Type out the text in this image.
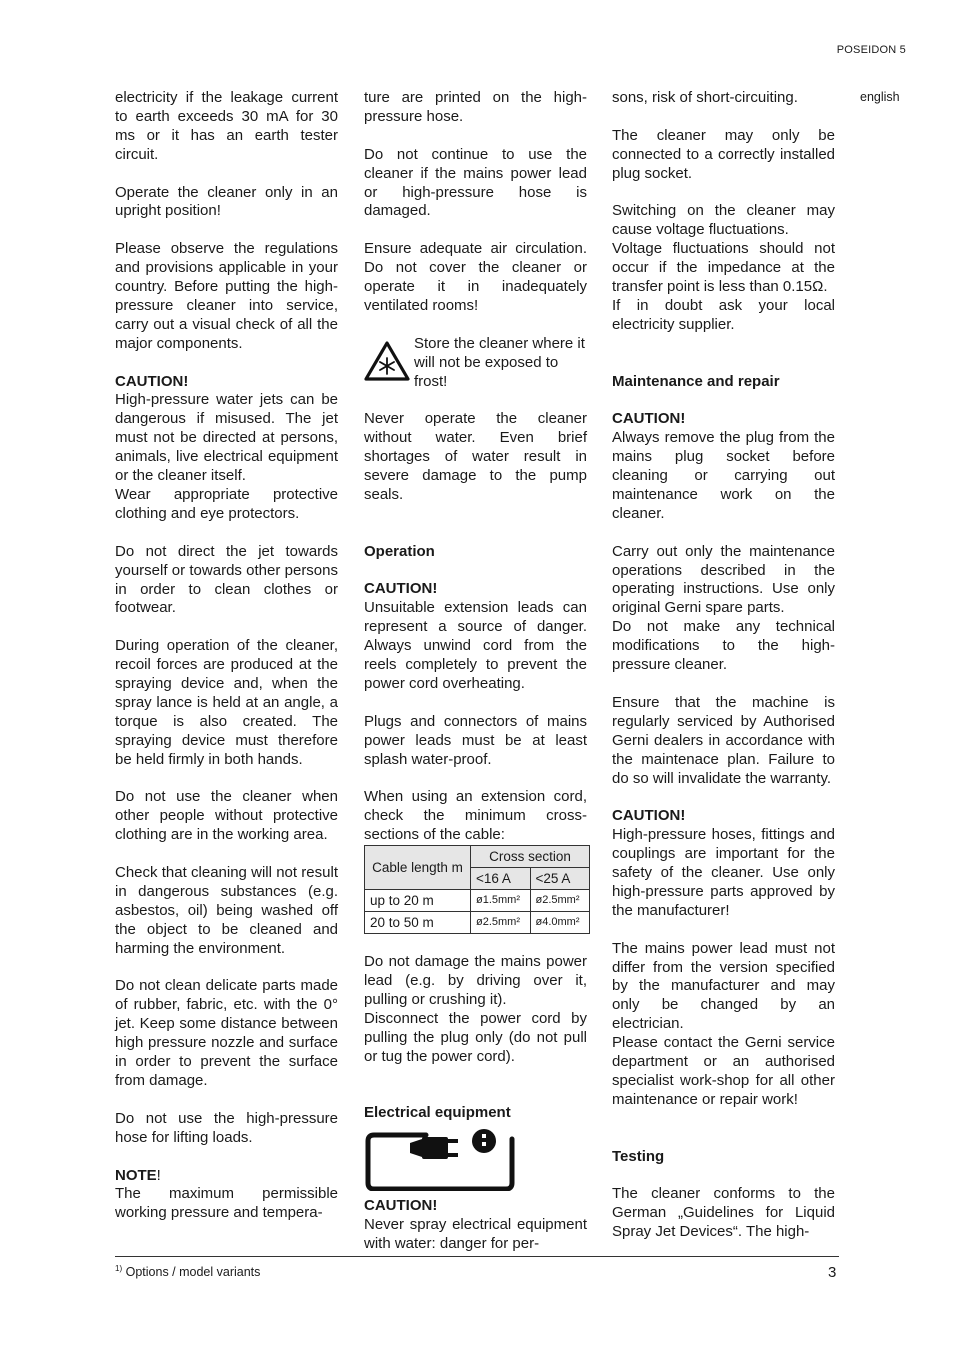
POSEIDON 5
english

electricity if the leakage current to earth exceeds 30 mA for 30 ms or it has an earth tester circuit.

Operate the cleaner only in an upright position!

Please observe the regulations and provisions applicable in your country. Before putting the high-pressure cleaner into service, carry out a visual check of all the major components.

CAUTION!

High-pressure water jets can be dangerous if misused. The jet must not be directed at persons, animals, live electrical equipment or the cleaner itself.

Wear appropriate protective clothing and eye protectors.

Do not direct the jet towards yourself or towards other persons in order to clean clothes or footwear.

During operation of the cleaner, recoil forces are produced at the spraying device and, when the spray lance is held at an angle, a torque is also created. The spraying device must therefore be held firmly in both hands.

Do not use the cleaner when other people without protective clothing are in the working area.

Check that cleaning will not result in dangerous substances (e.g. asbestos, oil) being washed off the object to be cleaned and harming the environment.

Do not clean delicate parts made of rubber, fabric, etc. with the 0° jet. Keep some distance between high pressure nozzle and surface in order to prevent the surface from damage.

Do not use the high-pressure hose for lifting loads.

NOTE!

The maximum permissible working pressure and tempera-

ture are printed on the high-pressure hose.

Do not continue to use the cleaner if the mains power lead or high-pressure hose is damaged.

Ensure adequate air circulation. Do not cover the cleaner or operate it in inadequately ventilated rooms!

Store the cleaner where it will not be exposed to frost!

Never operate the cleaner without water. Even brief shortages of water result in severe damage to the pump seals.

Operation

CAUTION!

Unsuitable extension leads can represent a source of danger. Always unwind cord from the reels completely to prevent the power cord overheating.

Plugs and connectors of mains power leads must be at least splash water-proof.

When using an extension cord, check the minimum cross-sections of the cable:

Cable length m	Cross section	
	<16 A	<25 A
up to 20 m	ø1.5mm²	ø2.5mm²
20 to 50 m	ø2.5mm²	ø4.0mm²

Do not damage the mains power lead (e.g. by driving over it, pulling or crushing it).

Disconnect the power cord by pulling the plug only (do not pull or tug the power cord).

Electrical equipment
CAUTION!

Never spray electrical equipment with water: danger for per-

sons, risk of short-circuiting.

The cleaner may only be connected to a correctly installed plug socket.

Switching on the cleaner may cause voltage fluctuations.

Voltage fluctuations should not occur if the impedance at the transfer point is less than 0.15Ω.

If in doubt ask your local electricity supplier.

Maintenance and repair

CAUTION!

Always remove the plug from the mains plug socket before cleaning or carrying out maintenance work on the cleaner.

Carry out only the maintenance operations described in the operating instructions. Use only original Gerni spare parts.

Do not make any technical modifications to the high-pressure cleaner.

Ensure that the machine is regularly serviced by Authorised Gerni dealers in accordance with the maintenace plan. Failure to do so will invalidate the warranty.

CAUTION!

High-pressure hoses, fittings and couplings are important for the safety of the cleaner. Use only high-pressure parts approved by the manufacturer!

The mains power lead must not differ from the version specified by the manufacturer and may only be changed by an electrician.

Please contact the Gerni service department or an authorised specialist work-shop for all other maintenance or repair work!

Testing

The cleaner conforms to the German „Guidelines for Liquid Spray Jet Devices“. The high-

$^{1)}$ Options / model variants	3
